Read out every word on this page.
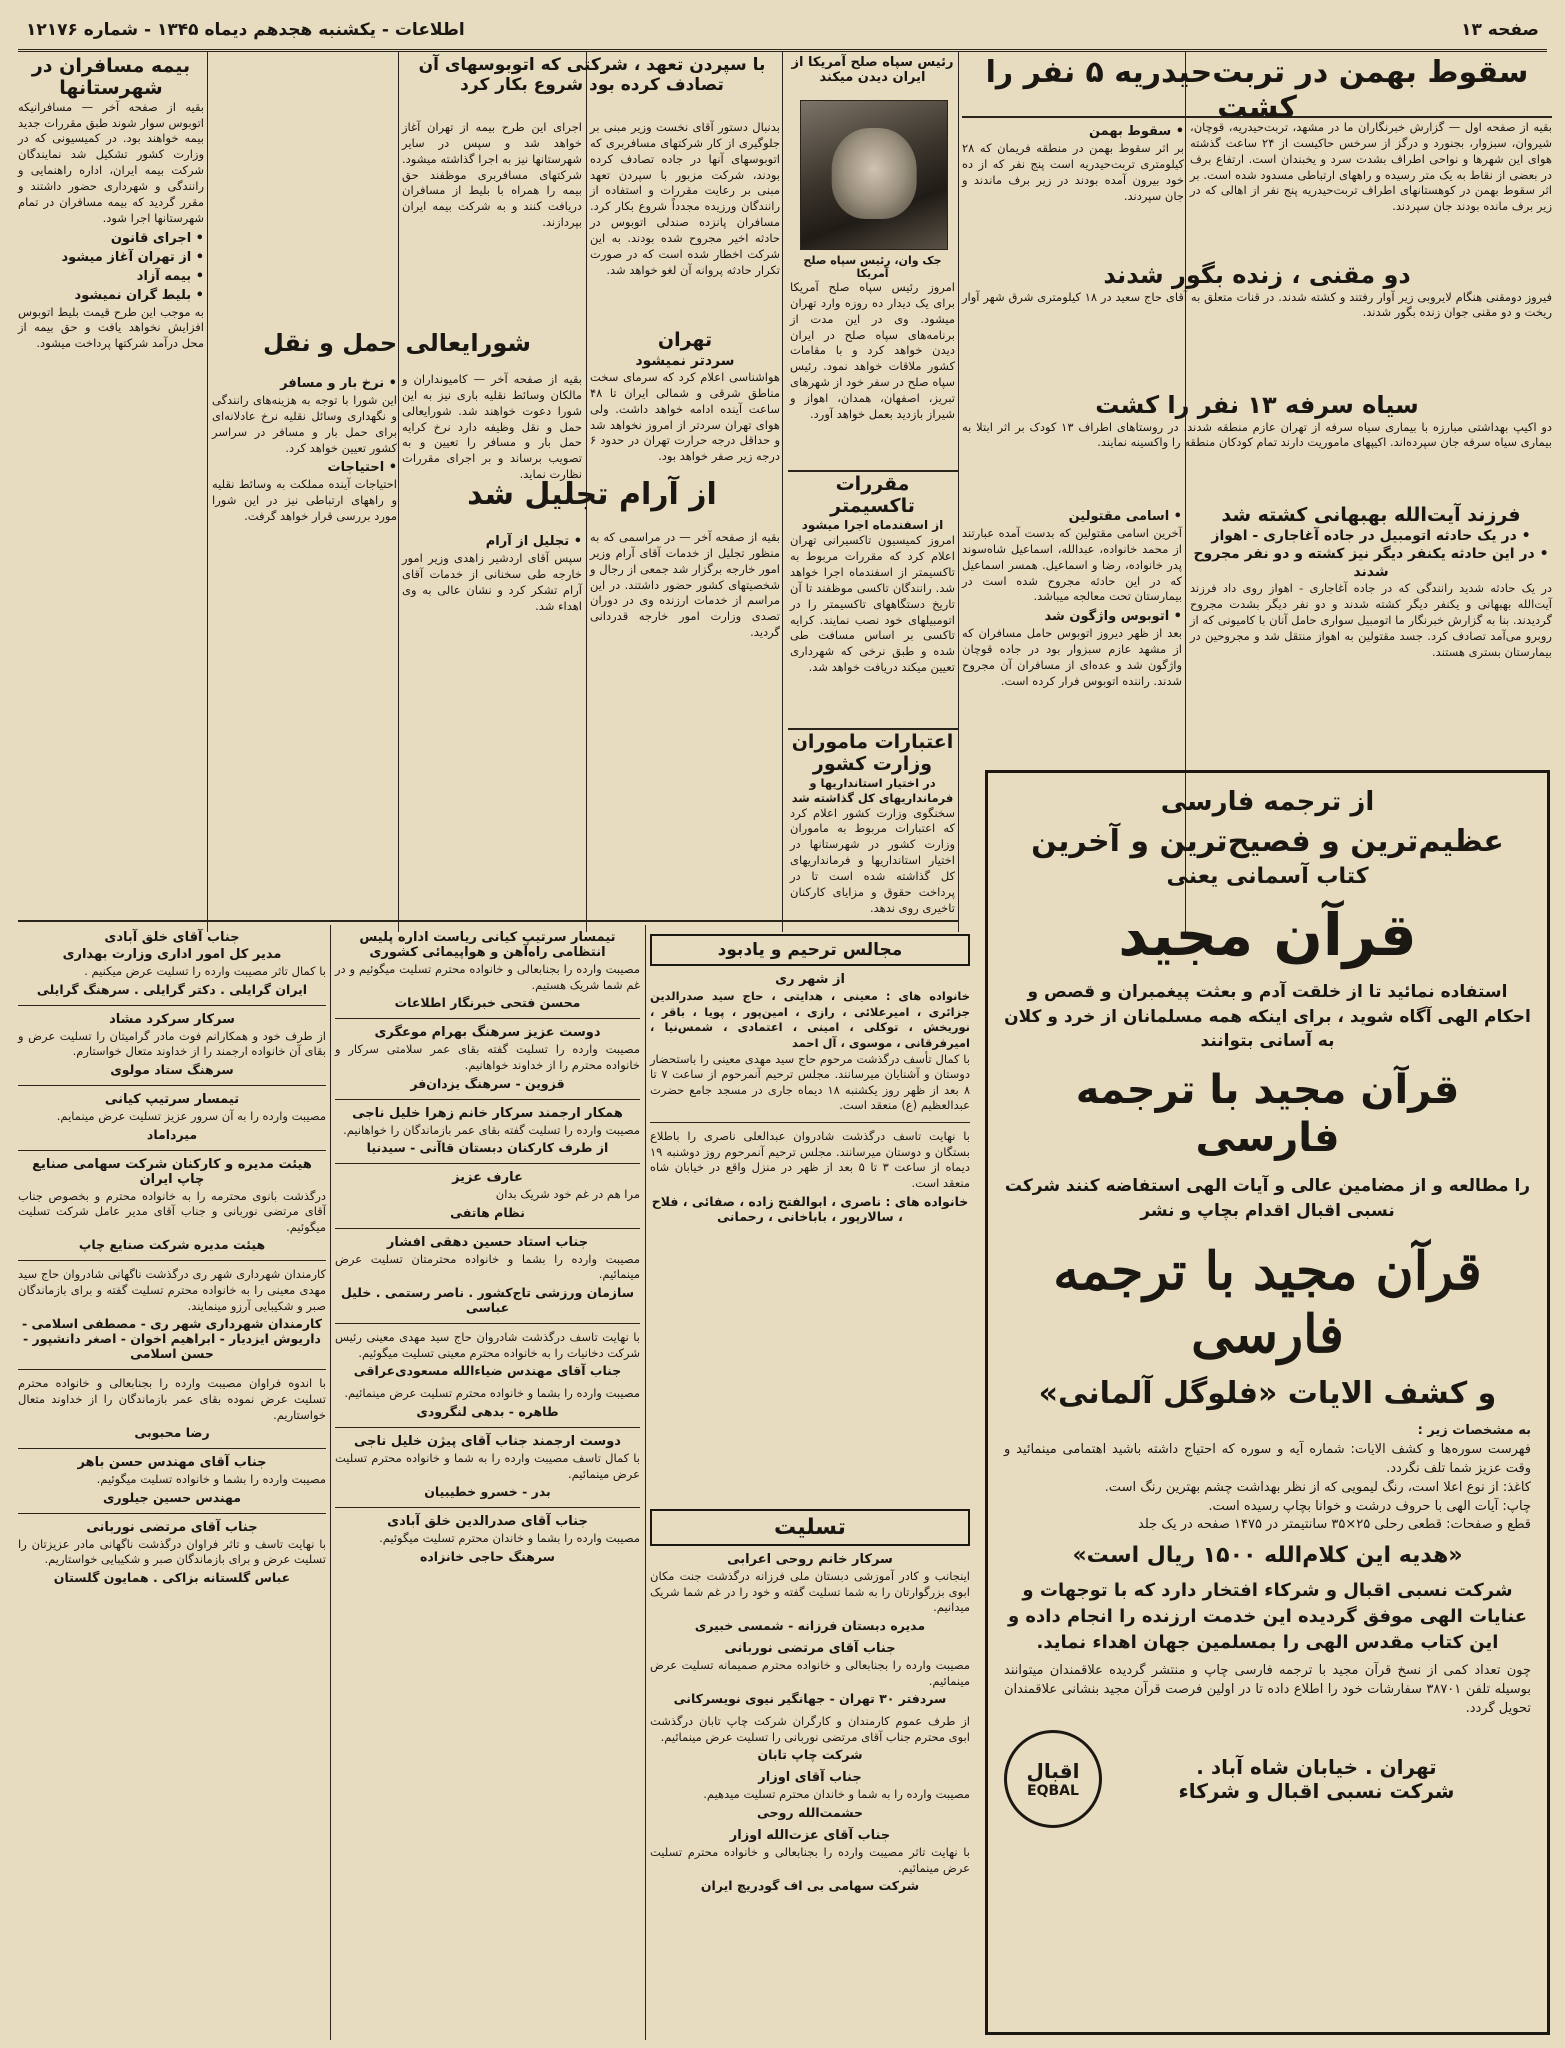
صفحه ۱۳
اطلاعات - یکشنبه هجدهم دیماه ۱۳۴۵ - شماره ۱۲۱۷۶
سقوط بهمن در تربت‌حیدریه ۵ نفر را کشت
بقیه از صفحه اول — گزارش خبرنگاران ما در مشهد، تربت‌حیدریه، قوچان، شیروان، سبزوار، بجنورد و درگز از سرخس حاکیست از ۲۴ ساعت گذشته هوای این شهرها و نواحی اطراف بشدت سرد و یخبندان است. ارتفاع برف در بعضی از نقاط به یک متر رسیده و راههای ارتباطی مسدود شده است. بر اثر سقوط بهمن در کوهستانهای اطراف تربت‌حیدریه پنج نفر از اهالی که در زیر برف مانده بودند جان سپردند.
• سقوط بهمن
بر اثر سقوط بهمن در منطقه فریمان که ۲۸ کیلومتری تربت‌حیدریه است پنج نفر که از ده خود بیرون آمده بودند در زیر برف ماندند و جان سپردند.
دو مقنی ، زنده بگور شدند
فیروز دومقنی هنگام لایروبی زیر آوار رفتند و کشته شدند. در قنات متعلق به آقای حاج سعید در ۱۸ کیلومتری شرق شهر آوار ریخت و دو مقنی جوان زنده بگور شدند.
سیاه سرفه ۱۳ نفر را کشت
دو اکیپ بهداشتی مبارزه با بیماری سیاه سرفه از تهران عازم منطقه شدند. در روستاهای اطراف ۱۳ کودک بر اثر ابتلا به بیماری سیاه سرفه جان سپرده‌اند. اکیپهای ماموریت دارند تمام کودکان منطقه را واکسینه نمایند.
فرزند آیت‌الله بهبهانی کشته شد
• در یک حادثه اتومبیل در جاده آغاجاری - اهواز
• در این حادثه یکنفر دیگر نیز کشته و دو نفر مجروح شدند
در یک حادثه شدید رانندگی که در جاده آغاجاری - اهواز روی داد فرزند آیت‌الله بهبهانی و یکنفر دیگر کشته شدند و دو نفر دیگر بشدت مجروح گردیدند. بنا به گزارش خبرنگار ما اتومبیل سواری حامل آنان با کامیونی که از روبرو می‌آمد تصادف کرد. جسد مقتولین به اهواز منتقل شد و مجروحین در بیمارستان بستری هستند.
• اسامی مقتولین
آخرین اسامی مقتولین که بدست آمده عبارتند از محمد خانواده، عبدالله، اسماعیل شاه‌سوند پدر خانواده، رضا و اسماعیل. همسر اسماعیل که در این حادثه مجروح شده است در بیمارستان تحت معالجه میباشد.
• اتوبوس واژگون شد
بعد از ظهر دیروز اتوبوس حامل مسافران که از مشهد عازم سبزوار بود در جاده قوچان واژگون شد و عده‌ای از مسافران آن مجروح شدند. راننده اتوبوس فرار کرده است.
رئیس سپاه صلح آمریکا از ایران دیدن میکند
جک وان، رئیس سپاه صلح آمریکا
امروز رئیس سپاه صلح آمریکا برای یک دیدار ده روزه وارد تهران میشود. وی در این مدت از برنامه‌های سپاه صلح در ایران دیدن خواهد کرد و با مقامات کشور ملاقات خواهد نمود. رئیس سپاه صلح در سفر خود از شهرهای تبریز، اصفهان، همدان، اهواز و شیراز بازدید بعمل خواهد آورد.
مقررات تاکسیمتر
از اسفندماه اجرا میشود
امروز کمیسیون تاکسیرانی تهران اعلام کرد که مقررات مربوط به تاکسیمتر از اسفندماه اجرا خواهد شد. رانندگان تاکسی موظفند تا آن تاریخ دستگاههای تاکسیمتر را در اتومبیلهای خود نصب نمایند. کرایه تاکسی بر اساس مسافت طی شده و طبق نرخی که شهرداری تعیین میکند دریافت خواهد شد.
اعتبارات ماموران وزارت کشور
در اختیار استانداریها و فرمانداریهای کل گذاشته شد
سخنگوی وزارت کشور اعلام کرد که اعتبارات مربوط به ماموران وزارت کشور در شهرستانها در اختیار استانداریها و فرمانداریهای کل گذاشته شده است تا در پرداخت حقوق و مزایای کارکنان تاخیری روی ندهد.
با سپردن تعهد ، شرکتی که اتوبوسهای آن تصادف کرده بود شروع بکار کرد
بدنبال دستور آقای نخست وزیر مبنی بر جلوگیری از کار شرکتهای مسافربری که اتوبوسهای آنها در جاده تصادف کرده بودند، شرکت مزبور با سپردن تعهد مبنی بر رعایت مقررات و استفاده از رانندگان ورزیده مجدداً شروع بکار کرد. مسافران پانزده صندلی اتوبوس در حادثه اخیر مجروح شده بودند. به این شرکت اخطار شده است که در صورت تکرار حادثه پروانه آن لغو خواهد شد.
اجرای این طرح بیمه از تهران آغاز خواهد شد و سپس در سایر شهرستانها نیز به اجرا گذاشته میشود. شرکتهای مسافربری موظفند حق بیمه را همراه با بلیط از مسافران دریافت کنند و به شرکت بیمه ایران بپردازند.
تهران
سردتر نمیشود
هواشناسی اعلام کرد که سرمای سخت مناطق شرقی و شمالی ایران تا ۴۸ ساعت آینده ادامه خواهد داشت. ولی هوای تهران سردتر از امروز نخواهد شد و حداقل درجه حرارت تهران در حدود ۶ درجه زیر صفر خواهد بود.
شورایعالی حمل و نقل
بقیه از صفحه آخر — کامیونداران و مالکان وسائط نقلیه باری نیز به این شورا دعوت خواهند شد. شورایعالی حمل و نقل وظیفه دارد نرخ کرایه حمل بار و مسافر را تعیین و به تصویب برساند و بر اجرای مقررات نظارت نماید.
• نرخ بار و مسافر
این شورا با توجه به هزینه‌های رانندگی و نگهداری وسائل نقلیه نرخ عادلانه‌ای برای حمل بار و مسافر در سراسر کشور تعیین خواهد کرد.
• احتیاجات
احتیاجات آینده مملکت به وسائط نقلیه و راههای ارتباطی نیز در این شورا مورد بررسی قرار خواهد گرفت.
از آرام تجلیل شد
بقیه از صفحه آخر — در مراسمی که به منظور تجلیل از خدمات آقای آرام وزیر امور خارجه برگزار شد جمعی از رجال و شخصیتهای کشور حضور داشتند. در این مراسم از خدمات ارزنده وی در دوران تصدی وزارت امور خارجه قدردانی گردید.
• تجلیل از آرام
سپس آقای اردشیر زاهدی وزیر امور خارجه طی سخنانی از خدمات آقای آرام تشکر کرد و نشان عالی به وی اهداء شد.
بیمه مسافران در شهرستانها
بقیه از صفحه آخر — مسافرانیکه اتوبوس سوار شوند طبق مقررات جدید بیمه خواهند بود. در کمیسیونی که در وزارت کشور تشکیل شد نمایندگان شرکت بیمه ایران، اداره راهنمایی و رانندگی و شهرداری حضور داشتند و مقرر گردید که بیمه مسافران در تمام شهرستانها اجرا شود.
• اجرای قانون
• از تهران آغاز میشود
• بیمه آزاد
• بلیط گران نمیشود
به موجب این طرح قیمت بلیط اتوبوس افزایش نخواهد یافت و حق بیمه از محل درآمد شرکتها پرداخت میشود.
از ترجمه فارسی
عظیم‌ترین و فصیح‌ترین و آخرین
کتاب آسمانی یعنی
قرآن مجید
استفاده نمائید تا از خلقت آدم و بعثت پیغمبران و قصص و احکام الهی آگاه شوید ، برای اینکه همه مسلمانان از خرد و کلان به آسانی بتوانند
قرآن مجید با ترجمه فارسی
را مطالعه و از مضامین عالی و آیات الهی استفاضه کنند شرکت نسبی اقبال اقدام بچاپ و نشر
قرآن مجید با ترجمه فارسی
و کشف الایات «فلوگل آلمانی»
به مشخصات زیر :
فهرست سوره‌ها و کشف الایات: شماره آیه و سوره که احتیاج داشته باشید اهتمامی مینمائید و وقت عزیز شما تلف نگردد.
کاغذ: از نوع اعلا است، رنگ لیمویی که از نظر بهداشت چشم بهترین رنگ است.
چاپ: آیات الهی با حروف درشت و خوانا بچاپ رسیده است.
قطع و صفحات: قطعی رحلی ۲۵×۳۵ سانتیمتر در ۱۴۷۵ صفحه در یک جلد
«هدیه این کلام‌الله ۱۵۰۰ ریال است»
شرکت نسبی اقبال و شرکاء افتخار دارد که با توجهات و عنایات الهی موفق گردیده این خدمت ارزنده را انجام داده و این کتاب مقدس الهی را بمسلمین جهان اهداء نماید.
چون تعداد کمی از نسخ قرآن مجید با ترجمه فارسی چاپ و منتشر گردیده علاقمندان میتوانند بوسیله تلفن ۳۸۷۰۱ سفارشات خود را اطلاع داده تا در اولین فرصت قرآن مجید بنشانی علاقمندان تحویل گردد.
تهران . خیابان شاه آباد .
شرکت نسبی اقبال و شرکاء
اقبال
EQBAL
مجالس ترحیم و یادبود
از شهر ری
خانواده های : معینی ، هدایتی ، حاج سید صدرالدین جزائری ، امیرعلائی ، رازی ، امین‌پور ، پویا ، باقر ، نوریخش ، توکلی ، امینی ، اعتمادی ، شمس‌نیا ، امیرفرقانی ، موسوی ، آل احمد
با کمال تأسف درگذشت مرحوم حاج سید مهدی معینی را باستحضار دوستان و آشنایان میرسانند. مجلس ترحیم آنمرحوم از ساعت ۷ تا ۸ بعد از ظهر روز یکشنبه ۱۸ دیماه جاری در مسجد جامع حضرت عبدالعظیم (ع) منعقد است.
با نهایت تاسف درگذشت شادروان عبدالعلی ناصری را باطلاع بستگان و دوستان میرسانند. مجلس ترحیم آنمرحوم روز دوشنبه ۱۹ دیماه از ساعت ۳ تا ۵ بعد از ظهر در منزل واقع در خیابان شاه منعقد است.
خانواده های : ناصری ، ابوالفتح زاده ، صفائی ، فلاح ، سالارپور ، باباخانی ، رحمانی
تسلیت
سرکار خانم روحی اعرابی
اینجانب و کادر آموزشی دبستان ملی فرزانه درگذشت جنت مکان ابوی بزرگوارتان را به شما تسلیت گفته و خود را در غم شما شریک میدانیم.
مدیره دبستان فرزانه - شمسی خبیری
جناب آقای مرتضی نوربانی
مصیبت وارده را بجنابعالی و خانواده محترم صمیمانه تسلیت عرض مینمائیم.
سردفتر ۳۰ تهران - جهانگیر نیوی نویسرکانی
از طرف عموم کارمندان و کارگران شرکت چاپ تابان درگذشت ابوی محترم جناب آقای مرتضی نوربانی را تسلیت عرض مینمائیم.
شرکت چاپ تابان
جناب آقای اوزار
مصیبت وارده را به شما و خاندان محترم تسلیت میدهیم.
حشمت‌الله روحی
جناب آقای عزت‌الله اوزار
با نهایت تاثر مصیبت وارده را بجنابعالی و خانواده محترم تسلیت عرض مینمائیم.
شرکت سهامی بی اف گودریچ ایران
تیمسار سرتیپ کیانی ریاست اداره پلیس انتظامی راه‌آهن و هواپیمائی کشوری
مصیبت وارده را بجنابعالی و خانواده محترم تسلیت میگوئیم و در غم شما شریک هستیم.
محسن فتحی خبرنگار اطلاعات
دوست عزیز سرهنگ بهرام موعگری
مصیبت وارده را تسلیت گفته بقای عمر سلامتی سرکار و خانواده محترم را از خداوند خواهانیم.
قزوین - سرهنگ یزدان‌فر
همکار ارجمند سرکار خانم زهرا خلیل ناجی
مصیبت وارده را تسلیت گفته بقای عمر بازماندگان را خواهانیم.
از طرف کارکنان دبستان قاآنی - سیدنیا
عارف عزیز
مرا هم در غم خود شریک بدان
نظام هاتفی
جناب استاد حسین دهقی افشار
مصیبت وارده را بشما و خانواده محترمتان تسلیت عرض مینمائیم.
سازمان ورزشی تاج‌کشور . ناصر رستمی . خلیل عباسی
با نهایت تاسف درگذشت شادروان حاج سید مهدی معینی رئیس شرکت دخانیات را به خانواده محترم معینی تسلیت میگوئیم.
جناب آقای مهندس ضیاءالله مسعودی‌عراقی
مصیبت وارده را بشما و خانواده محترم تسلیت عرض مینمائیم.
طاهره - بدهی لنگرودی
دوست ارجمند جناب آقای پیژن خلیل ناجی
با کمال تاسف مصیبت وارده را به شما و خانواده محترم تسلیت عرض مینمائیم.
بدر - خسرو خطیبیان
جناب آقای صدرالدین خلق آبادی
مصیبت وارده را بشما و خاندان محترم تسلیت میگوئیم.
سرهنگ حاجی خانزاده
جناب آقای خلق آبادی
مدیر کل امور اداری وزارت بهداری
با کمال تاثر مصیبت وارده را تسلیت عرض میکنیم .
ایران گرایلی . دکتر گرایلی . سرهنگ گرایلی
سرکار سرکرد مشاد
از طرف خود و همکارانم فوت مادر گرامیتان را تسلیت عرض و بقای آن خانواده ارجمند را از خداوند متعال خواستارم.
سرهنگ ستاد مولوی
تیمسار سرتیپ کیانی
مصیبت وارده را به آن سرور عزیز تسلیت عرض مینمایم.
میرداماد
هیئت مدیره و کارکنان شرکت سهامی صنایع چاپ ایران
درگذشت بانوی محترمه را به خانواده محترم و بخصوص جناب آقای مرتضی نوربانی و جناب آقای مدیر عامل شرکت تسلیت میگوئیم.
هیئت مدیره شرکت صنایع چاپ
کارمندان شهرداری شهر ری درگذشت ناگهانی شادروان حاج سید مهدی معینی را به خانواده محترم تسلیت گفته و برای بازماندگان صبر و شکیبایی آرزو مینمایند.
کارمندان شهرداری شهر ری - مصطفی اسلامی - داریوش ایزدیار - ابراهیم اخوان - اصغر دانشپور - حسن اسلامی
با اندوه فراوان مصیبت وارده را بجنابعالی و خانواده محترم تسلیت عرض نموده بقای عمر بازماندگان را از خداوند متعال خواستاریم.
رضا محبوبی
جناب آقای مهندس حسن باهر
مصیبت وارده را بشما و خانواده تسلیت میگوئیم.
مهندس حسین جیلوری
جناب آقای مرتضی نوربانی
با نهایت تاسف و تاثر فراوان درگذشت ناگهانی مادر عزیزتان را تسلیت عرض و برای بازماندگان صبر و شکیبایی خواستاریم.
عباس گلستانه بزاکی . همایون گلستان
